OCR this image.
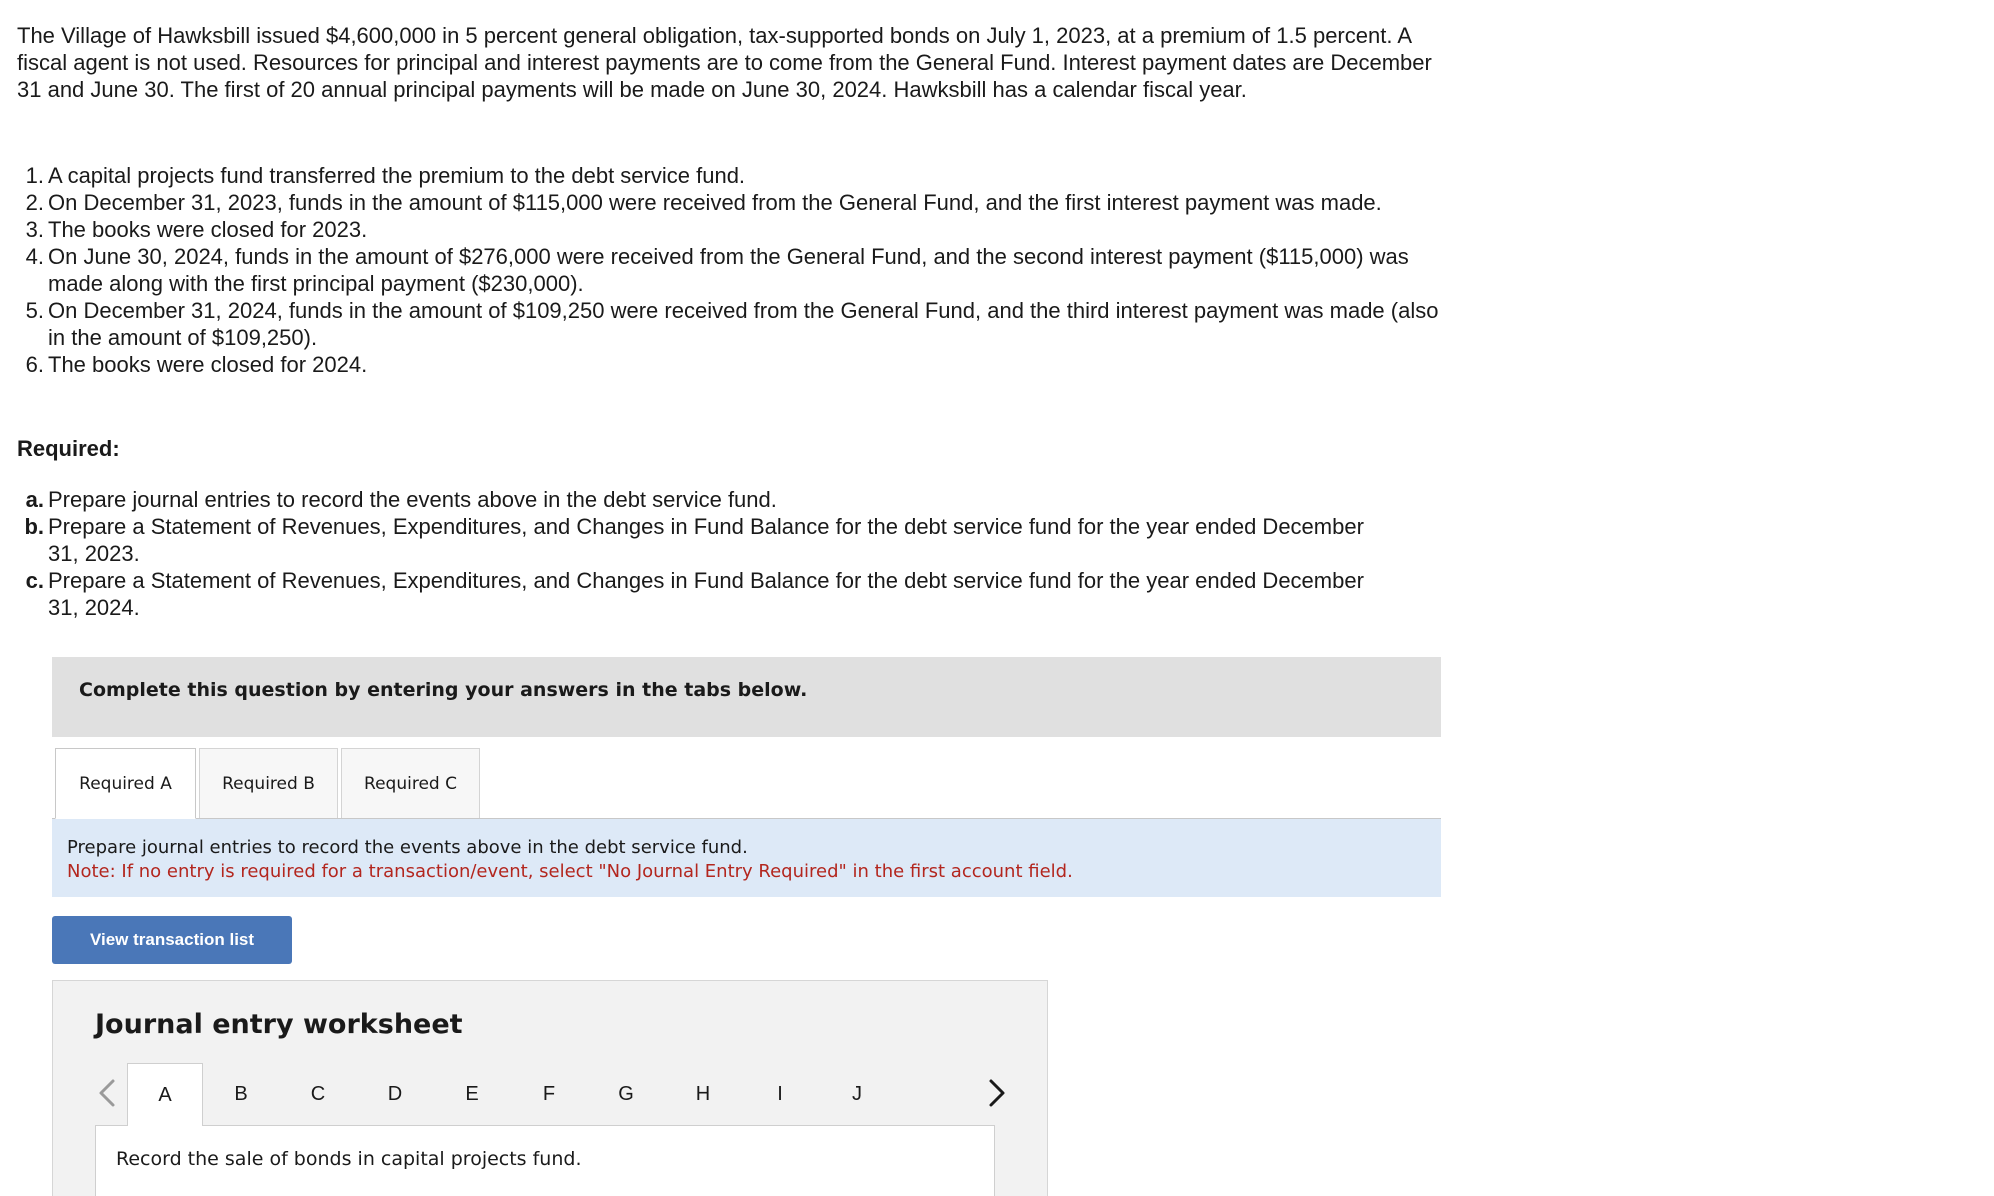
The Village of Hawksbill issued $4,600,000 in 5 percent general obligation, tax-supported bonds on July 1, 2023, at a premium of 1.5 percent. A fiscal agent is not used. Resources for principal and interest payments are to come from the General Fund. Interest payment dates are December 31 and June 30. The first of 20 annual principal payments will be made on June 30, 2024. Hawksbill has a calendar fiscal year.

1. A capital projects fund transferred the premium to the debt service fund.
2. On December 31, 2023, funds in the amount of $115,000 were received from the General Fund, and the first interest payment was made.
3. The books were closed for 2023.
4. On June 30, 2024, funds in the amount of $276,000 were received from the General Fund, and the second interest payment ($115,000) was made along with the first principal payment ($230,000).
5. On December 31, 2024, funds in the amount of $109,250 were received from the General Fund, and the third interest payment was made (also in the amount of $109,250).
6. The books were closed for 2024.

Required:

a. Prepare journal entries to record the events above in the debt service fund.
b. Prepare a Statement of Revenues, Expenditures, and Changes in Fund Balance for the debt service fund for the year ended December 31, 2023.
c. Prepare a Statement of Revenues, Expenditures, and Changes in Fund Balance for the debt service fund for the year ended December 31, 2024.
Complete this question by entering your answers in the tabs below.
Required A	Required B	Required C
Prepare journal entries to record the events above in the debt service fund.
Note: If no entry is required for a transaction/event, select "No Journal Entry Required" in the first account field.
View transaction list
Journal entry worksheet
A	B	C	D	E	F	G	H	I	J
Record the sale of bonds in capital projects fund.
